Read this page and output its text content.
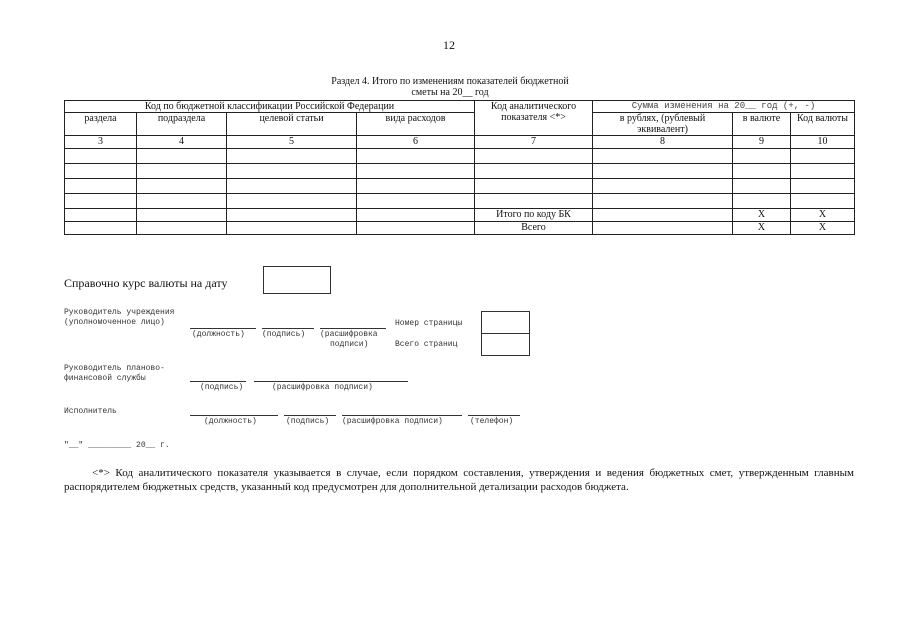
12
Раздел 4. Итого по изменениям показателей бюджетной
сметы на 20__ год
Код по бюджетной классификации Российской Федерации				Код аналитического показателя <*>	Сумма изменения на 20__ год (+, -)		
раздела	подраздела	целевой статьи	вида расходов		в рублях, (рублевый эквивалент)	в валюте	Код валюты
3	4	5	6	7	8	9	10

				Итого по коду БК		X	X
				Всего		X	X
Справочно курс валюты на дату
Руководитель учреждения
(уполномоченное лицо)
(должность) (подпись) (расшифровка
подписи)
Номер страницы
Всего страниц
Руководитель планово-
финансовой службы
(подпись)	(расшифровка подписи)
Исполнитель
(должность)	(подпись) (расшифровка подписи)	(телефон)
"__" _________ 20__ г.
<*> Код аналитического показателя указывается в случае, если порядком составления, утверждения и ведения бюджетных смет, утвержденным главным распорядителем бюджетных средств, указанный код предусмотрен для дополнительной детализации расходов бюджета.
